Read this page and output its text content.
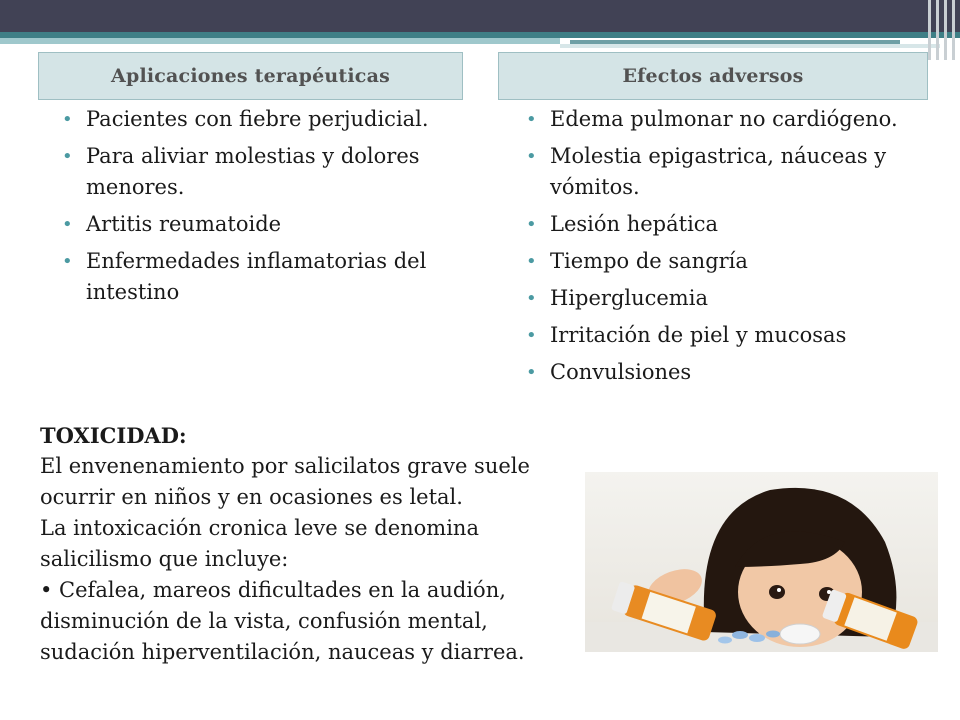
Aplicaciones terapéuticas	Efectos adversos
• Pacientes con fiebre perjudicial.
• Para aliviar molestias y dolores menores.
• Artitis reumatoide
• Enfermedades inflamatorias del intestino
• Edema pulmonar no cardiógeno.
• Molestia epigastrica, náuceas y vómitos.
• Lesión hepática
• Tiempo de sangría
• Hiperglucemia
• Irritación de piel y mucosas
• Convulsiones

TOXICIDAD:

El envenenamiento por salicilatos grave suele ocurrir en niños y en ocasiones es letal.

La intoxicación cronica leve se denomina salicilismo que incluye:

• Cefalea, mareos dificultades en la audión, disminución de la vista, confusión mental, sudación hiperventilación, nauceas y diarrea.
